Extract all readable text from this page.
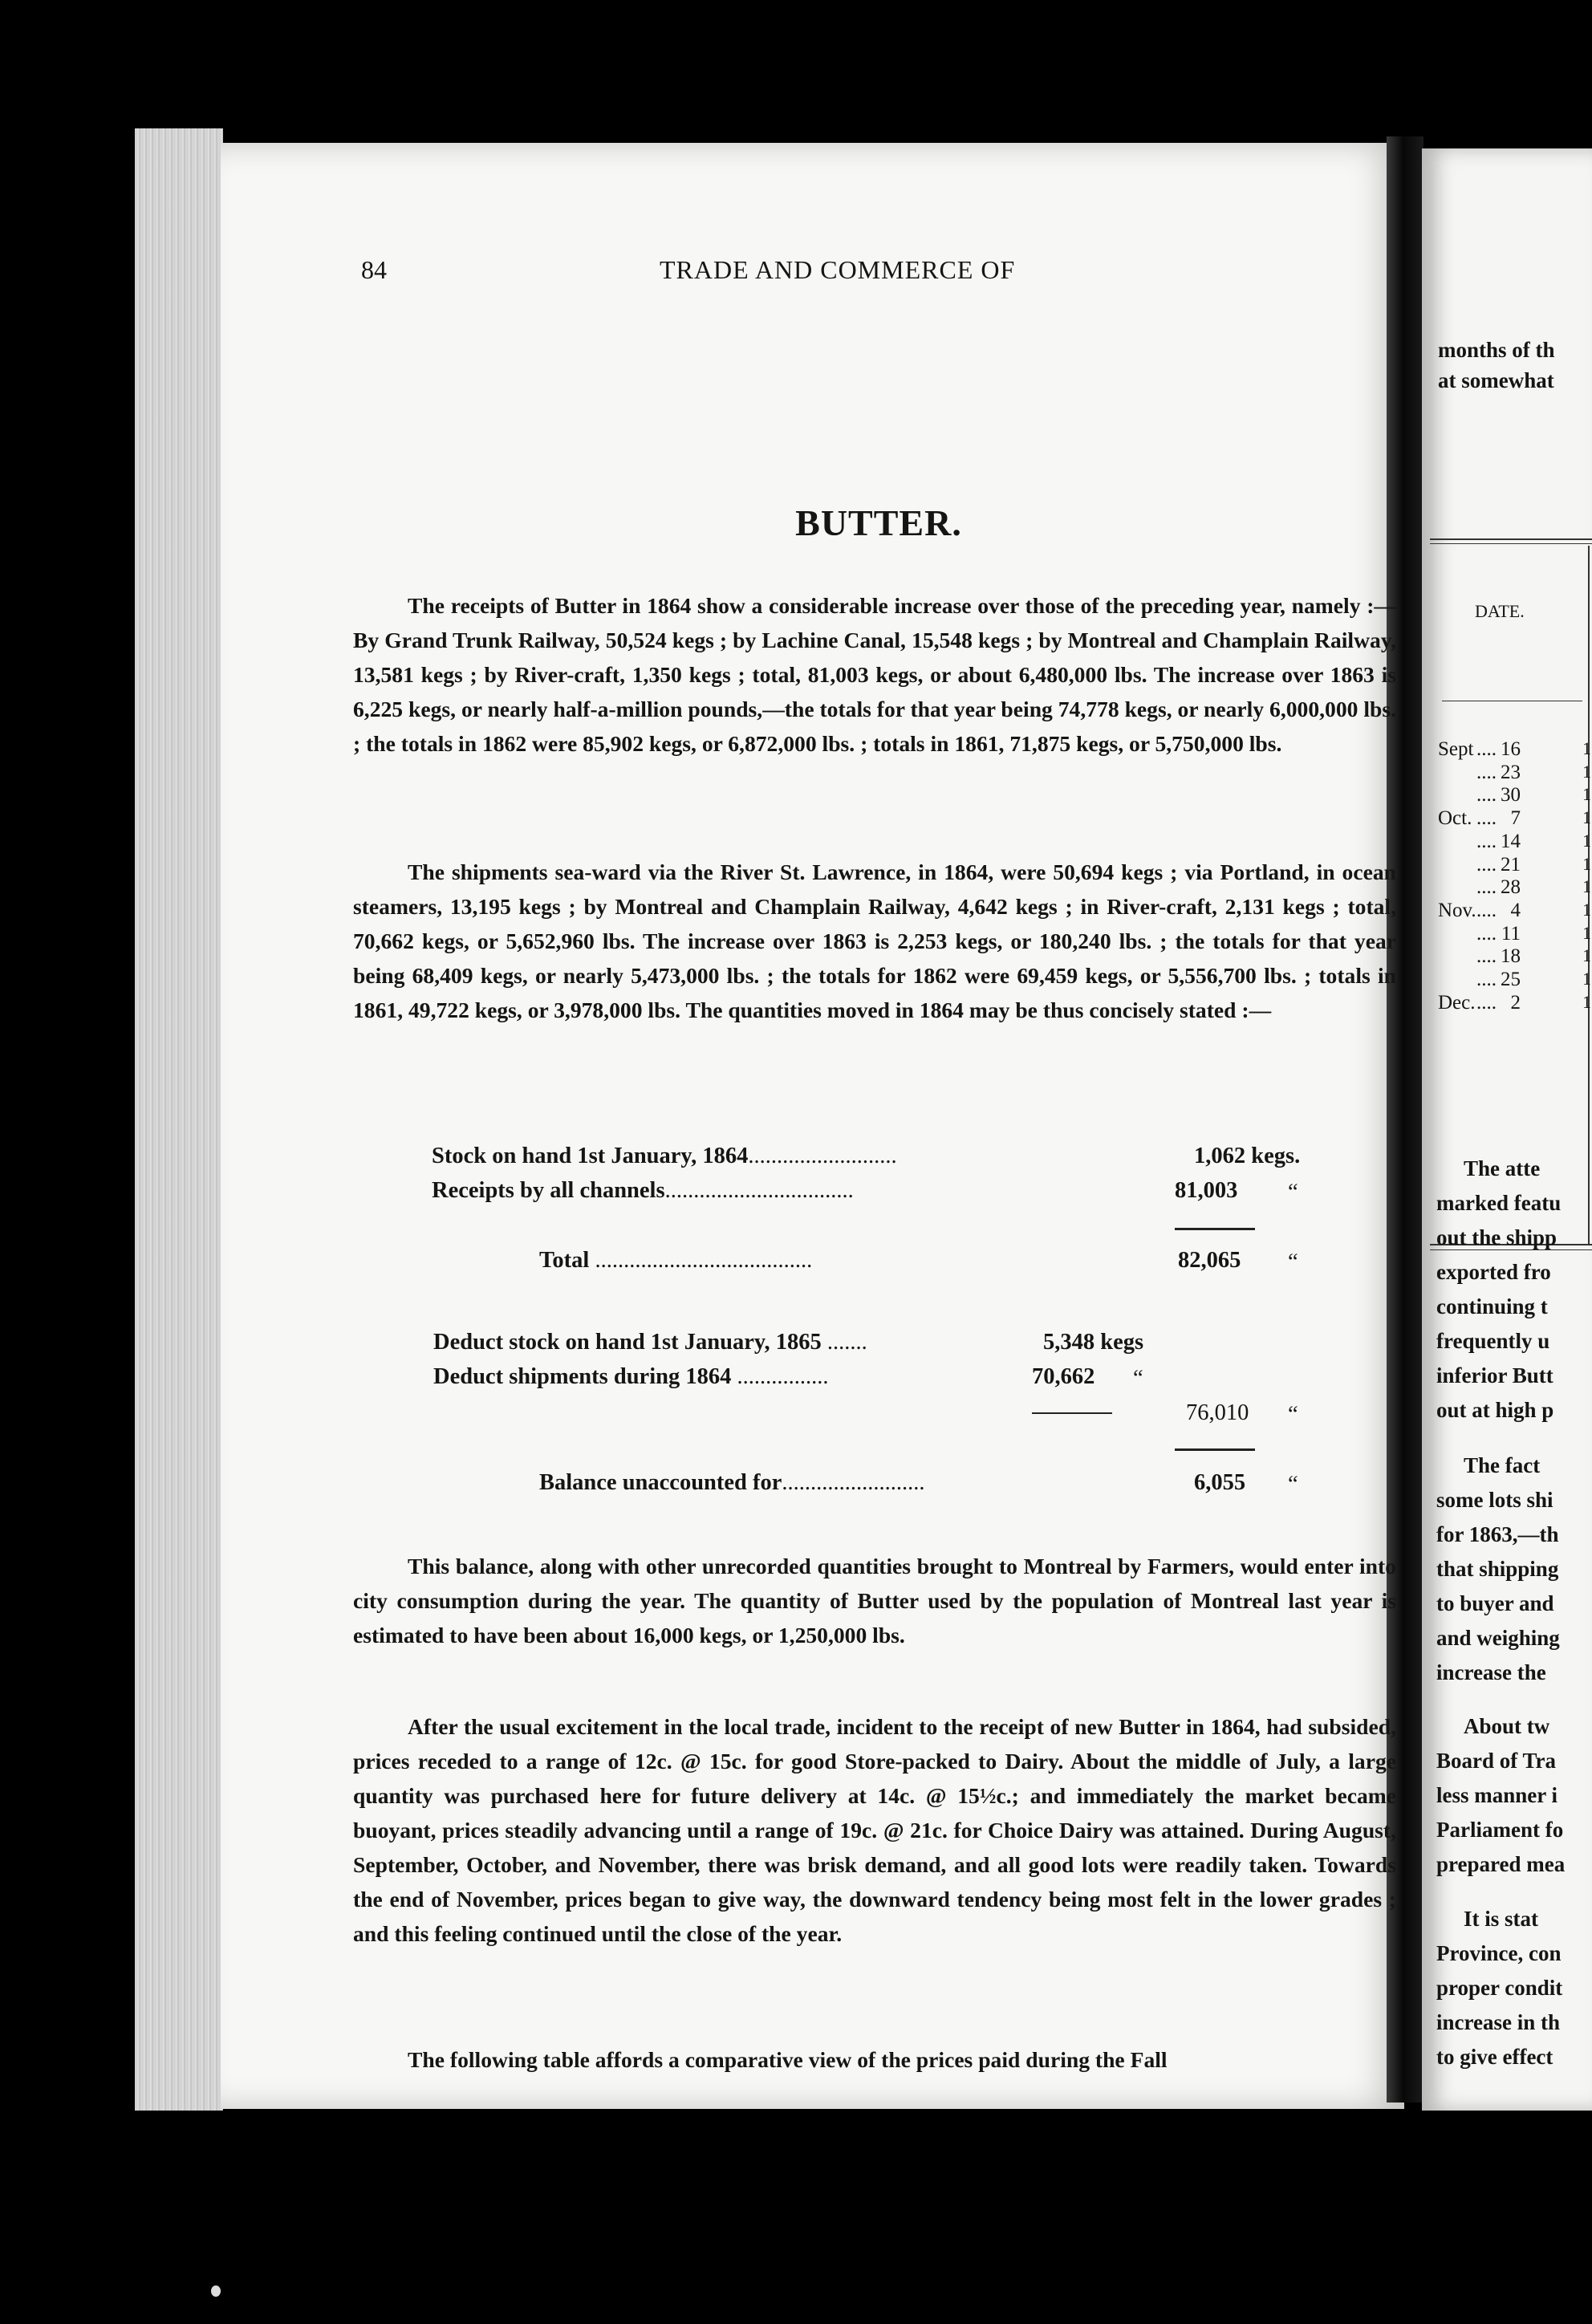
months of th
at somewhat
DATE.
Sept .... 16	1
.... 23	1
.... 30	1
Oct. .... 7	1
.... 14	1
.... 21	1
.... 28	1
Nov..... 4	1
.... 11	1
.... 18	1
.... 25	1
Dec..... 2	1
The atte
marked featu
out the shipp
exported fro
continuing t
frequently u
inferior Butt
out at high p
The fact
some lots shi
for 1863,—th
that shipping
to buyer and
and weighing
increase the
About tw
Board of Tra
less manner i
Parliament fo
prepared mea
It is stat
Province, con
proper condit
increase in th
to give effect
84	TRADE AND COMMERCE OF
BUTTER.

The receipts of Butter in 1864 show a considerable increase over those of the preceding year, namely :—By Grand Trunk Railway, 50,524 kegs ; by Lachine Canal, 15,548 kegs ; by Montreal and Champlain Railway, 13,581 kegs ; by River-craft, 1,350 kegs ; total, 81,003 kegs, or about 6,480,000 lbs. The increase over 1863 is 6,225 kegs, or nearly half-a-million pounds,—the totals for that year being 74,778 kegs, or nearly 6,000,000 lbs. ; the totals in 1862 were 85,902 kegs, or 6,872,000 lbs. ; totals in 1861, 71,875 kegs, or 5,750,000 lbs.

The shipments sea-ward via the River St. Lawrence, in 1864, were 50,694 kegs ; via Portland, in ocean steamers, 13,195 kegs ; by Montreal and Champlain Railway, 4,642 kegs ; in River-craft, 2,131 kegs ; total, 70,662 kegs, or 5,652,960 lbs. The increase over 1863 is 2,253 kegs, or 180,240 lbs. ; the totals for that year being 68,409 kegs, or nearly 5,473,000 lbs. ; the totals for 1862 were 69,459 kegs, or 5,556,700 lbs. ; totals in 1861, 49,722 kegs, or 3,978,000 lbs. The quantities moved in 1864 may be thus concisely stated :—

Stock on hand 1st January, 1864..........................	1,062 kegs.
Receipts by all channels.................................	81,003 “
Total ......................................	82,065 “
Deduct stock on hand 1st January, 1865 .......	5,348 kegs
Deduct shipments during 1864 ................	70,662 “
76,010 “
Balance unaccounted for.........................	6,055 “

This balance, along with other unrecorded quantities brought to Montreal by Farmers, would enter into city consumption during the year. The quantity of Butter used by the population of Montreal last year is estimated to have been about 16,000 kegs, or 1,250,000 lbs.

After the usual excitement in the local trade, incident to the receipt of new Butter in 1864, had subsided, prices receded to a range of 12c. @ 15c. for good Store-packed to Dairy. About the middle of July, a large quantity was purchased here for future delivery at 14c. @ 15½c.; and immediately the market became buoyant, prices steadily advancing until a range of 19c. @ 21c. for Choice Dairy was attained. During August, September, October, and November, there was brisk demand, and all good lots were readily taken. Towards the end of November, prices began to give way, the downward tendency being most felt in the lower grades ; and this feeling continued until the close of the year.

The following table affords a comparative view of the prices paid during the Fall
